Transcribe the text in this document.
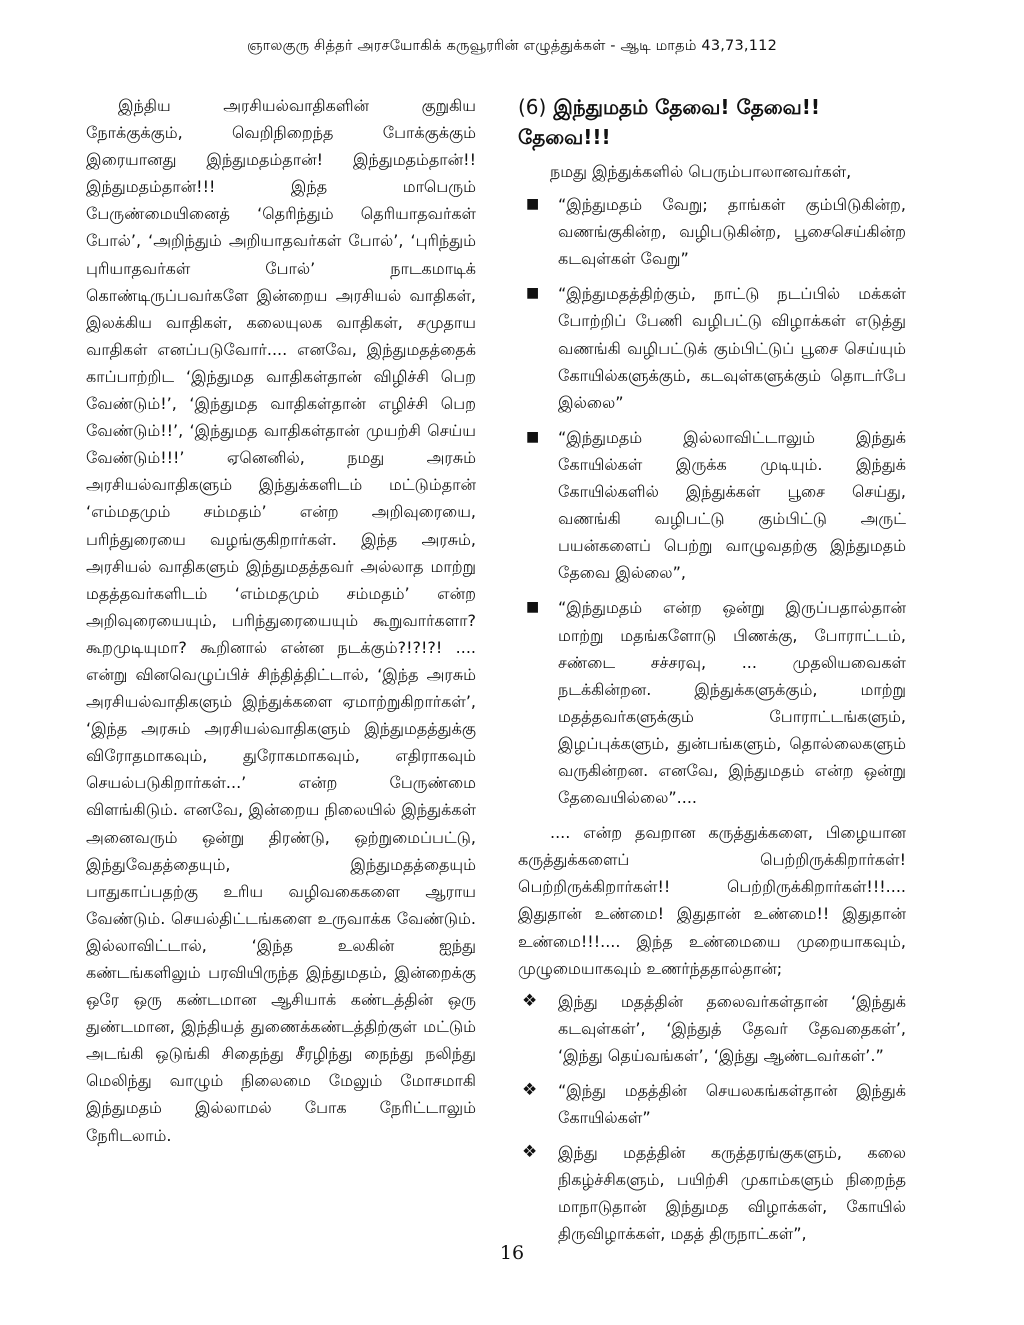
ஞாலகுரு சித்தர் அரசயோகிக் கருவூரரின் எழுத்துக்கள் - ஆடி மாதம் 43,73,112

இந்திய அரசியல்வாதிகளின் குறுகிய நோக்குக்கும், வெறிநிறைந்த போக்குக்கும் இரையானது இந்துமதம்தான்! இந்துமதம்தான்!! இந்துமதம்தான்!!! இந்த மாபெரும் பேருண்மையினைத் ‘தெரிந்தும் தெரியாதவர்கள் போல்’, ‘அறிந்தும் அறியாதவர்கள் போல்’, ‘புரிந்தும் புரியாதவர்கள் போல்’ நாடகமாடிக் கொண்டிருப்பவர்களே இன்றைய அரசியல் வாதிகள், இலக்கிய வாதிகள், கலையுலக வாதிகள், சமுதாய வாதிகள் எனப்படுவோர்.... எனவே, இந்துமதத்தைக் காப்பாற்றிட ‘இந்துமத வாதிகள்தான் விழிச்சி பெற வேண்டும்!’, ‘இந்துமத வாதிகள்தான் எழிச்சி பெற வேண்டும்!!’, ‘இந்துமத வாதிகள்தான் முயற்சி செய்ய வேண்டும்!!!’ ஏனெனில், நமது அரசும் அரசியல்வாதிகளும் இந்துக்களிடம் மட்டும்தான் ‘எம்மதமும் சம்மதம்’ என்ற அறிவுரையை, பரிந்துரையை வழங்குகிறார்கள். இந்த அரசும், அரசியல் வாதிகளும் இந்துமதத்தவர் அல்லாத மாற்று மதத்தவர்களிடம் ‘எம்மதமும் சம்மதம்’ என்ற அறிவுரையையும், பரிந்துரையையும் கூறுவார்களா? கூறமுடியுமா? கூறினால் என்ன நடக்கும்?!?!?! .... என்று வினவெழுப்பிச் சிந்தித்திட்டால், ‘இந்த அரசும் அரசியல்வாதிகளும் இந்துக்களை ஏமாற்றுகிறார்கள்’, ‘இந்த அரசும் அரசியல்வாதிகளும் இந்துமதத்துக்கு விரோதமாகவும், துரோகமாகவும், எதிராகவும் செயல்படுகிறார்கள்...’ என்ற பேருண்மை விளங்கிடும். எனவே, இன்றைய நிலையில் இந்துக்கள் அனைவரும் ஒன்று திரண்டு, ஒற்றுமைப்பட்டு, இந்துவேதத்தையும், இந்துமதத்தையும் பாதுகாப்பதற்கு உரிய வழிவகைகளை ஆராய வேண்டும். செயல்திட்டங்களை உருவாக்க வேண்டும். இல்லாவிட்டால், ‘இந்த உலகின் ஐந்து கண்டங்களிலும் பரவியிருந்த இந்துமதம், இன்றைக்கு ஒரே ஒரு கண்டமான ஆசியாக் கண்டத்தின் ஒரு துண்டமான, இந்தியத் துணைக்கண்டத்திற்குள் மட்டும் அடங்கி ஒடுங்கி சிதைந்து சீரழிந்து நைந்து நலிந்து மெலிந்து வாழும் நிலைமை மேலும் மோசமாகி இந்துமதம் இல்லாமல் போக நேரிட்டாலும் நேரிடலாம்.

(6) இந்துமதம் தேவை! தேவை!! தேவை!!!

நமது இந்துக்களில் பெரும்பாலானவர்கள்,

■ “இந்துமதம் வேறு; தாங்கள் கும்பிடுகின்ற, வணங்குகின்ற, வழிபடுகின்ற, பூசைசெய்கின்ற கடவுள்கள் வேறு”
■ “இந்துமதத்திற்கும், நாட்டு நடப்பில் மக்கள் போற்றிப் பேணி வழிபட்டு விழாக்கள் எடுத்து வணங்கி வழிபட்டுக் கும்பிட்டுப் பூசை செய்யும் கோயில்களுக்கும், கடவுள்களுக்கும் தொடர்பே இல்லை”
■ “இந்துமதம் இல்லாவிட்டாலும் இந்துக் கோயில்கள் இருக்க முடியும். இந்துக் கோயில்களில் இந்துக்கள் பூசை செய்து, வணங்கி வழிபட்டு கும்பிட்டு அருட் பயன்களைப் பெற்று வாழுவதற்கு இந்துமதம் தேவை இல்லை”,
■ “இந்துமதம் என்ற ஒன்று இருப்பதால்தான் மாற்று மதங்களோடு பிணக்கு, போராட்டம், சண்டை சச்சரவு, ... முதலியவைகள் நடக்கின்றன. இந்துக்களுக்கும், மாற்று மதத்தவர்களுக்கும் போராட்டங்களும், இழப்புக்களும், துன்பங்களும், தொல்லைகளும் வருகின்றன. எனவே, இந்துமதம் என்ற ஒன்று தேவையில்லை”....

.... என்ற தவறான கருத்துக்களை, பிழையான கருத்துக்களைப் பெற்றிருக்கிறார்கள்! பெற்றிருக்கிறார்கள்!! பெற்றிருக்கிறார்கள்!!!.... இதுதான் உண்மை! இதுதான் உண்மை!! இதுதான் உண்மை!!!.... இந்த உண்மையை முறையாகவும், முழுமையாகவும் உணர்ந்ததால்தான்;

❖ இந்து மதத்தின் தலைவர்கள்தான் ‘இந்துக் கடவுள்கள்’, ‘இந்துத் தேவர் தேவதைகள்’, ‘இந்து தெய்வங்கள்’, ‘இந்து ஆண்டவர்கள்’.”
❖ “இந்து மதத்தின் செயலகங்கள்தான் இந்துக் கோயில்கள்”
❖ இந்து மதத்தின் கருத்தரங்குகளும், கலை நிகழ்ச்சிகளும், பயிற்சி முகாம்களும் நிறைந்த மாநாடுதான் இந்துமத விழாக்கள், கோயில் திருவிழாக்கள், மதத் திருநாட்கள்”,
16
